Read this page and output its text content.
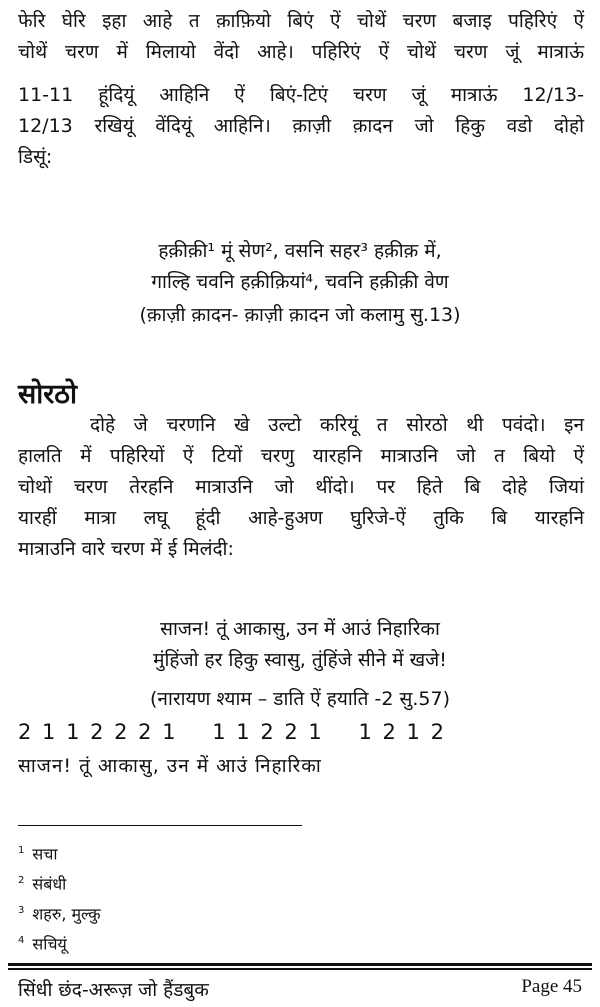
फेरि घेरि इहा आहे त क़ाफ़ियो बिएं ऐं चोथें चरण बजाइ पहिरिएं ऐं
चोथें चरण में मिलायो वेंदो आहे। पहिरिएं ऐं चोथें चरण जूं मात्राऊं
11-11 हूंदियूं आहिनि ऐं बिएं-टिएं चरण जूं मात्राऊं 12/13-
12/13 रखियूं वेंदियूं आहिनि। क़ाज़ी क़ादन जो हिकु वडो दोहो
डिसूं:
हक़ीक़ी¹ मूं सेण², वसनि सहर³ हक़ीक़ में,
गाल्हि चवनि हक़ीक़ियां⁴, चवनि हक़ीक़ी वेण
(क़ाज़ी क़ादन- क़ाज़ी क़ादन जो कलामु सु.13)
सोरठो
दोहे जे चरणनि खे उल्टो करियूं त सोरठो थी पवंदो। इन
हालति में पहिरियों ऐं टियों चरणु यारहनि मात्राउनि जो त बियो ऐं
चोथों चरण तेरहनि मात्राउनि जो थींदो। पर हिते बि दोहे जियां
यारहीं मात्रा लघू हूंदी आहे-हुअण घुरिजे-ऐं तुकि बि यारहनि
मात्राउनि वारे चरण में ई मिलंदी:
साजन! तूं आकासु, उन में आउं निहारिका
मुंहिंजो हर हिकु स्वासु, तुंहिंजे सीने में खजे!
(नारायण श्याम – डाति ऐं हयाति -2 सु.57)
2 1 1 2 2 2 1 1 1 2 2 1 1 2 1 2
साजन! तूं आकासु, उन में आउं निहारिका
$^1$ सचा
$^2$ संबंधी
$^3$ शहरु, मुल्कु
$^4$ सचियूं
सिंधी छंद-अरूज़ जो हैंडबुक	Page 45
